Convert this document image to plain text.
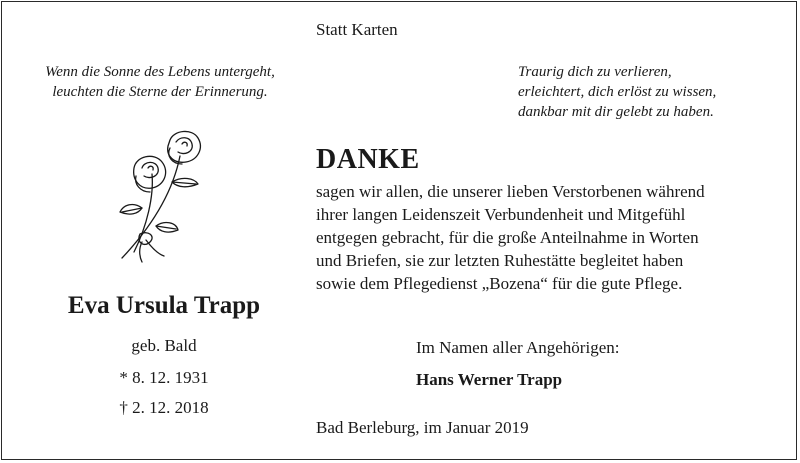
Statt Karten
Wenn die Sonne des Lebens untergeht,
leuchten die Sterne der Erinnerung.
Traurig dich zu verlieren,
erleichtert, dich erlöst zu wissen,
dankbar mit dir gelebt zu haben.
Eva Ursula Trapp
geb. Bald
* 8. 12. 1931
† 2. 12. 2018
DANKE
sagen wir allen, die unserer lieben Verstorbenen während
ihrer langen Leidenszeit Verbundenheit und Mitgefühl
entgegen gebracht, für die große Anteilnahme in Worten
und Briefen, sie zur letzten Ruhestätte begleitet haben
sowie dem Pflegedienst „Bozena“ für die gute Pflege.
Im Namen aller Angehörigen:
Hans Werner Trapp
Bad Berleburg, im Januar 2019
